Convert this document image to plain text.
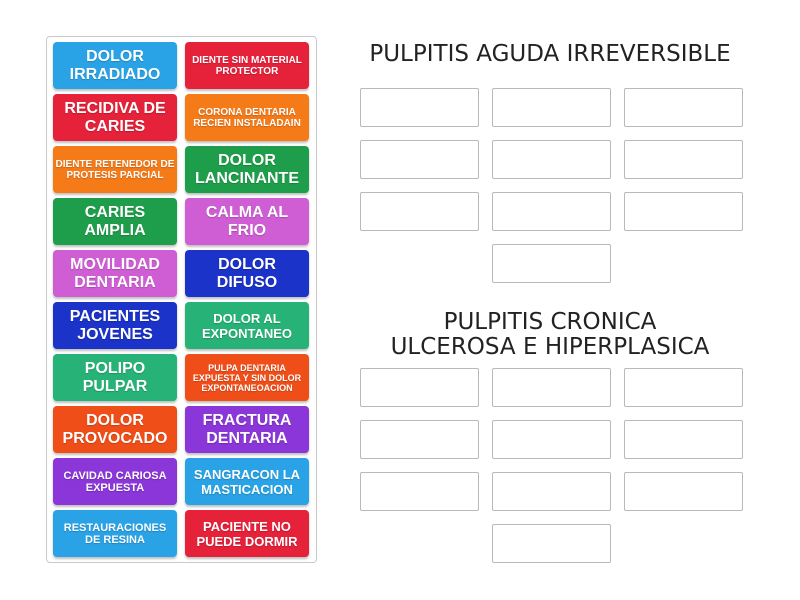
DOLOR IRRADIADO
DIENTE SIN MATERIAL PROTECTOR
RECIDIVA DE CARIES
CORONA DENTARIA RECIEN INSTALADAIN
DIENTE RETENEDOR DE PROTESIS PARCIAL
DOLOR LANCINANTE
CARIES AMPLIA
CALMA AL FRIO
MOVILIDAD DENTARIA
DOLOR DIFUSO
PACIENTES JOVENES
DOLOR AL EXPONTANEO
POLIPO PULPAR
PULPA DENTARIA EXPUESTA Y SIN DOLOR EXPONTANEOACION
DOLOR PROVOCADO
FRACTURA DENTARIA
CAVIDAD CARIOSA EXPUESTA
SANGRACON LA MASTICACION
RESTAURACIONES DE RESINA
PACIENTE NO PUEDE DORMIR
PULPITIS AGUDA IRREVERSIBLE
PULPITIS CRONICA
ULCEROSA E HIPERPLASICA
